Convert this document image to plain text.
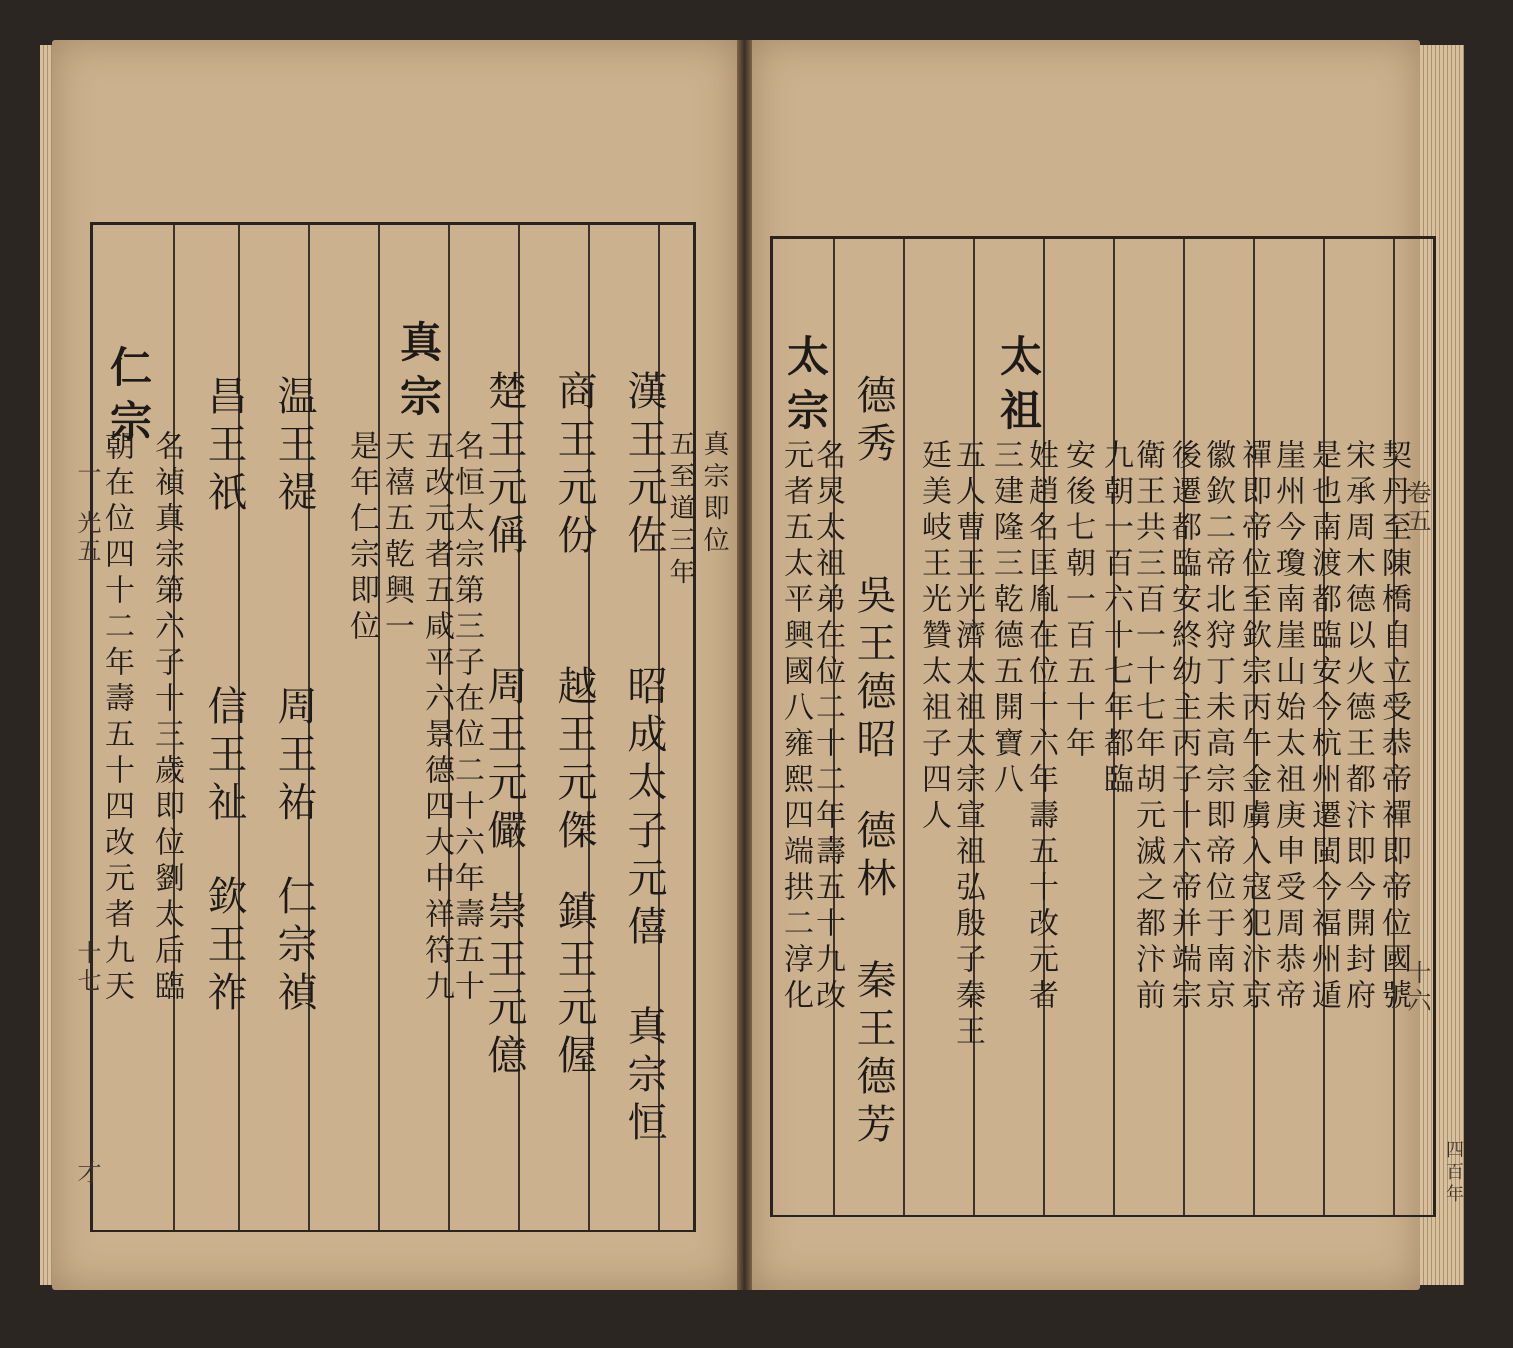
朝在位四十二年壽五十四改元者九天
仁宗
名禎真宗第六子十三歲即位劉太后臨 昌王祇
信王祉
欽王祚
温王禔
周王祐
仁宗禎
是年仁宗即位 天禧五乾興一 五改元者五咸平六景德四大中祥符九
真宗
名恒太宗第三子在位二十六年壽五十
楚王元偁
周王元儼
崇王元億
商王元份
越王元傑
鎮王元偓
漢王元佐
昭成太子元僖
真宗恒
五至道三年 真宗即位
一
光五
十七
才
元者五太平興國八雍熙四端拱二淳化
太宗
名炅太祖弟在位二十二年壽五十九改
德秀
吳王德昭
德林 秦王德芳
廷美岐王光贊太祖子四人 五人曹王光濟太祖太宗宣祖弘殷子秦王 三建隆三乾德五開寶八
太祖
姓趙名匡胤在位十六年壽五十改元者 安後七朝一百五十年 九朝一百六十七年都臨
衛王共三百一十七年胡元滅之都汴前 後遷都臨安終幼主丙子十六帝并端宗 徽欽二帝北狩丁未高宗即帝位于南京 禪即帝位至欽宗丙午金虜入寇犯汴京 崖州今瓊南崖山始太祖庚申受周恭帝 是也南渡都臨安今杭州遷閩今福州遁 宋承周木德以火德王都汴即今開封府 契丹至陳橋自立受恭帝禪即帝位國號
卷五
十六
四百年
